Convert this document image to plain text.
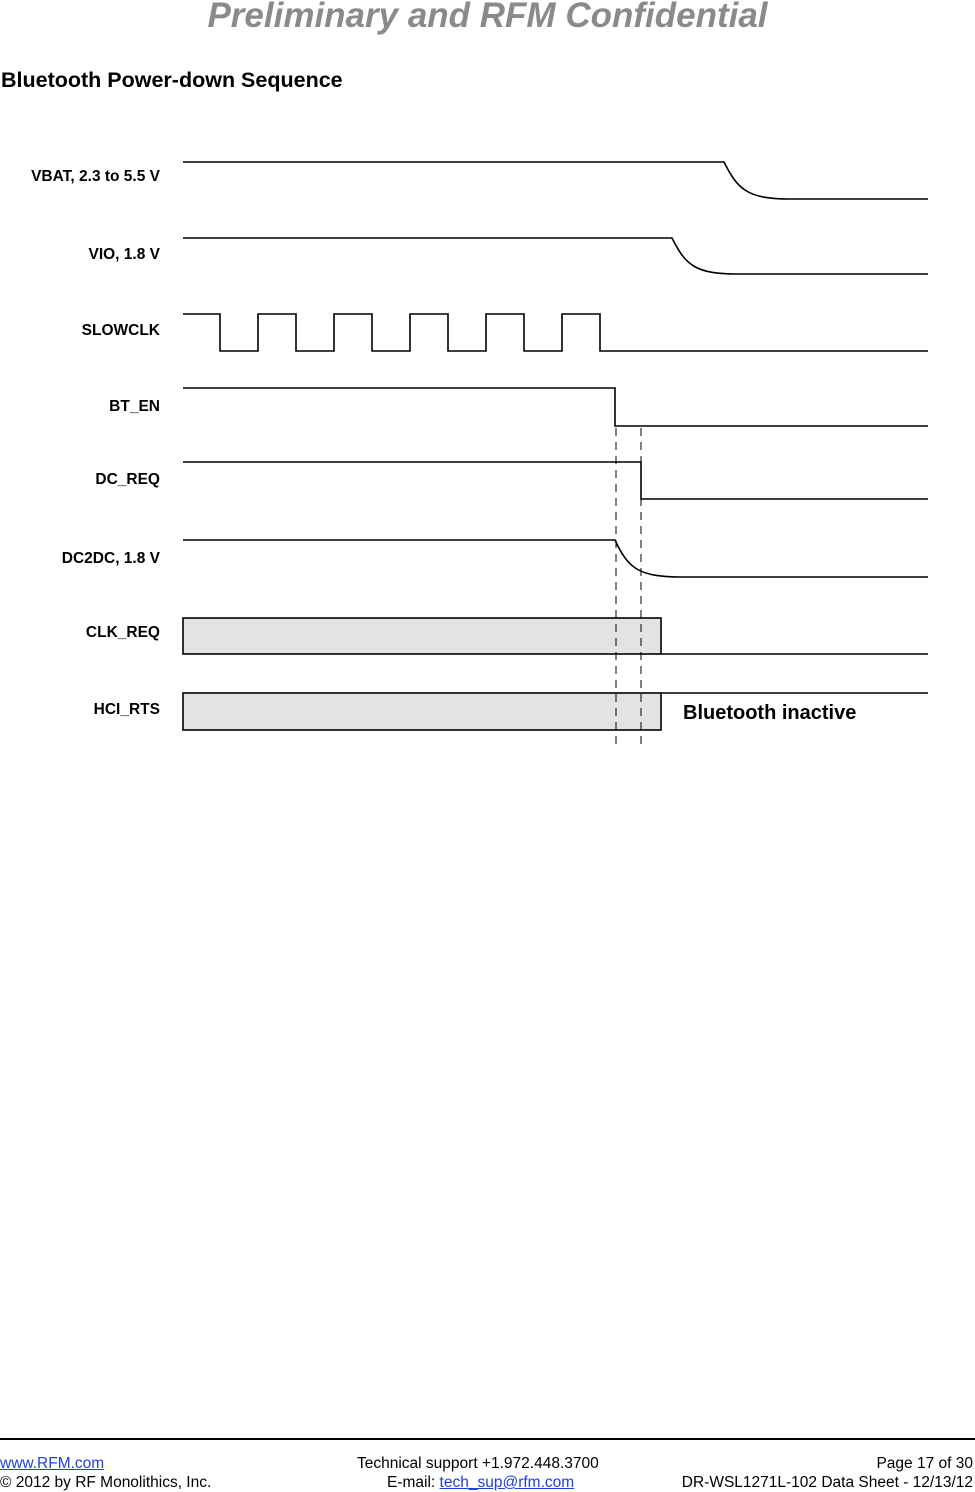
Preliminary and RFM Confidential
Bluetooth Power-down Sequence
VBAT, 2.3 to 5.5 V
VIO, 1.8 V
SLOWCLK
BT_EN
DC_REQ
DC2DC, 1.8 V
CLK_REQ
HCI_RTS	Bluetooth inactive
www.RFM.com
© 2012 by RF Monolithics, Inc.
Technical support +1.972.448.3700
E-mail: tech_sup@rfm.com
Page 17 of 30
DR-WSL1271L-102 Data Sheet - 12/13/12
